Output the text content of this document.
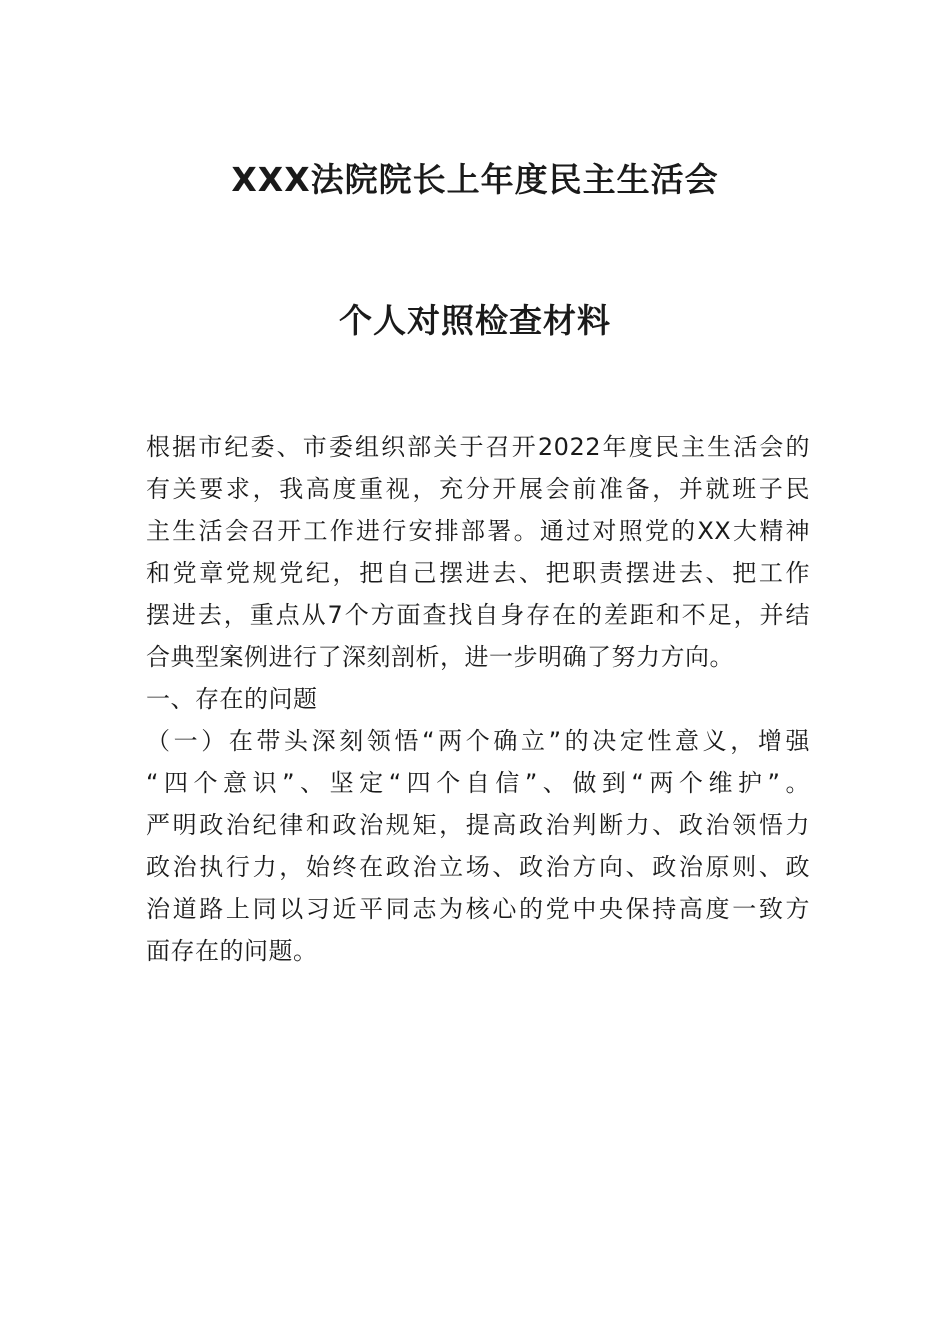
XXX法院院长上年度民主生活会
个人对照检查材料
根据市纪委、市委组织部关于召开2022年度民主生活会的
有关要求，我高度重视，充分开展会前准备，并就班子民
主生活会召开工作进行安排部署。通过对照党的XX大精神
和党章党规党纪，把自己摆进去、把职责摆进去、把工作
摆进去，重点从7个方面查找自身存在的差距和不足，并结
合典型案例进行了深刻剖析，进一步明确了努力方向。
一、存在的问题
（一）在带头深刻领悟“两个确立”的决定性意义，增强
“四个意识”、坚定“四个自信”、做到“两个维护”。
严明政治纪律和政治规矩，提高政治判断力、政治领悟力
政治执行力，始终在政治立场、政治方向、政治原则、政
治道路上同以习近平同志为核心的党中央保持高度一致方
面存在的问题。
